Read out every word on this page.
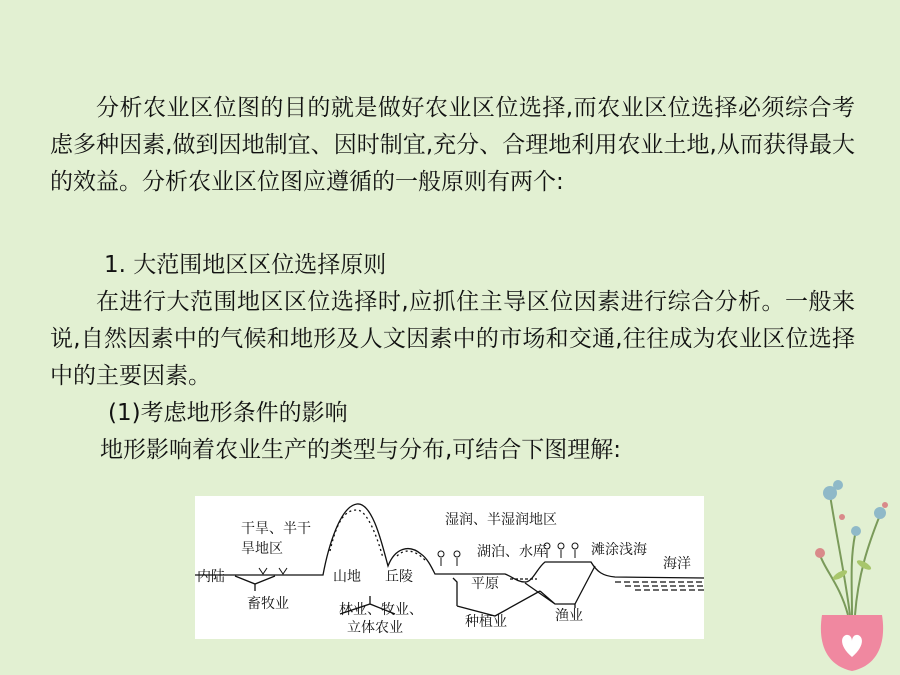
分析农业区位图的目的就是做好农业区位选择,而农业区位选择必须综合考虑多种因素,做到因地制宜、因时制宜,充分、合理地利用农业土地,从而获得最大的效益。分析农业区位图应遵循的一般原则有两个:

1. 大范围地区区位选择原则

在进行大范围地区区位选择时,应抓住主导区位因素进行综合分析。一般来说,自然因素中的气候和地形及人文因素中的市场和交通,往往成为农业区位选择中的主要因素。

(1)考虑地形条件的影响
地形影响着农业生产的类型与分布,可结合下图理解:
干旱、半干
旱地区
内陆
畜牧业
山地 丘陵
林业、牧业、
立体农业
湿润、半湿润地区
湖泊、水库
平原
种植业	渔业
滩涂浅海
海洋
